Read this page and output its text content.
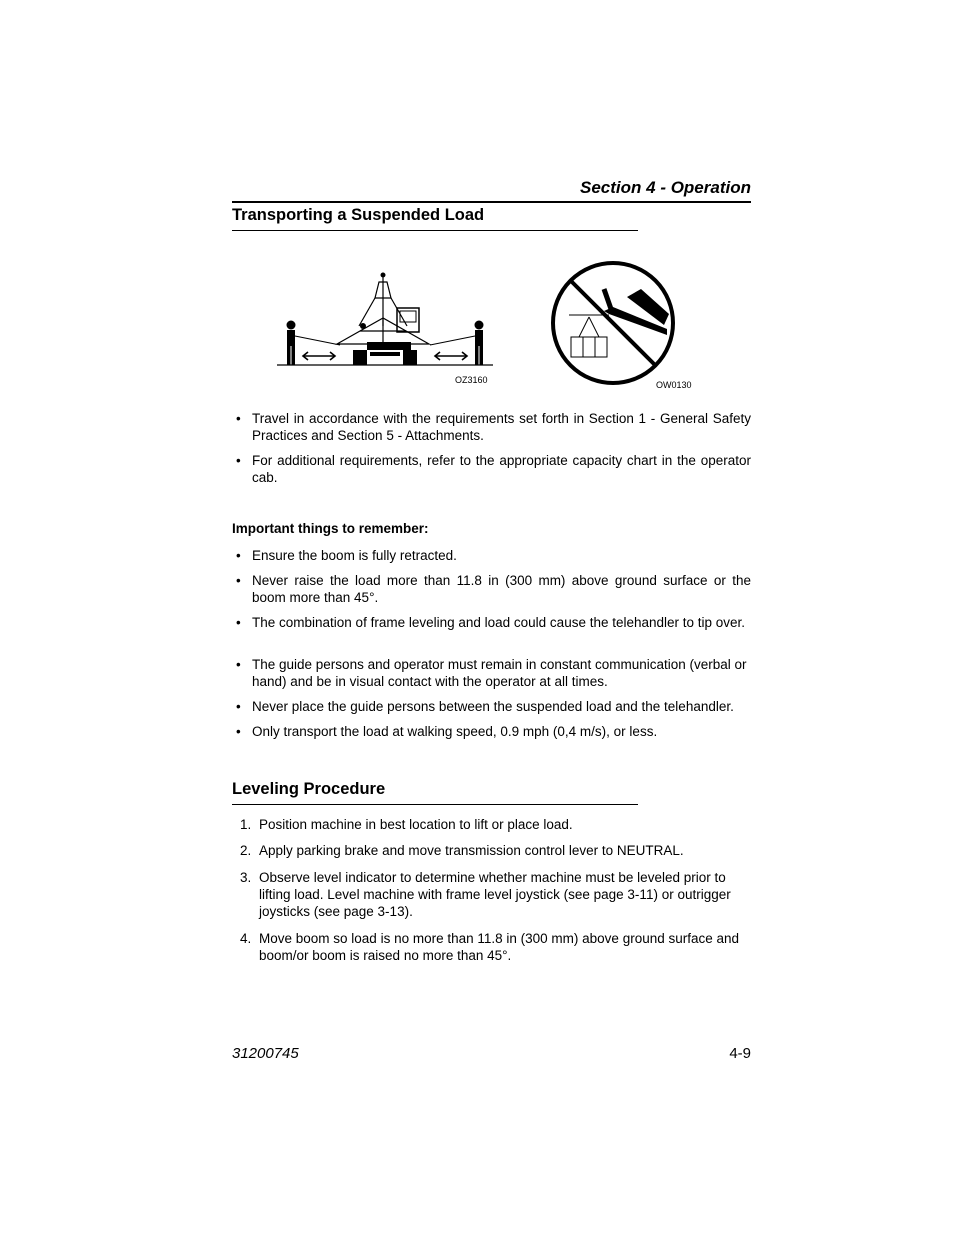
Section 4 - Operation
Transporting a Suspended Load
OZ3160	OW0130
• Travel in accordance with the requirements set forth in Section 1 - General Safety Practices and Section 5 - Attachments.
• For additional requirements, refer to the appropriate capacity chart in the operator cab.
Important things to remember:
• Ensure the boom is fully retracted.
• Never raise the load more than 11.8 in (300 mm) above ground surface or the boom more than 45°.
• The combination of frame leveling and load could cause the telehandler to tip over.
• The guide persons and operator must remain in constant communication (verbal or hand) and be in visual contact with the operator at all times.
• Never place the guide persons between the suspended load and the telehandler.
• Only transport the load at walking speed, 0.9 mph (0,4 m/s), or less.
Leveling Procedure
1. Position machine in best location to lift or place load.
2. Apply parking brake and move transmission control lever to NEUTRAL.
3. Observe level indicator to determine whether machine must be leveled prior to lifting load. Level machine with frame level joystick (see page 3-11) or outrigger joysticks (see page 3-13).
4. Move boom so load is no more than 11.8 in (300 mm) above ground surface and boom/or boom is raised no more than 45°.
31200745	4-9
